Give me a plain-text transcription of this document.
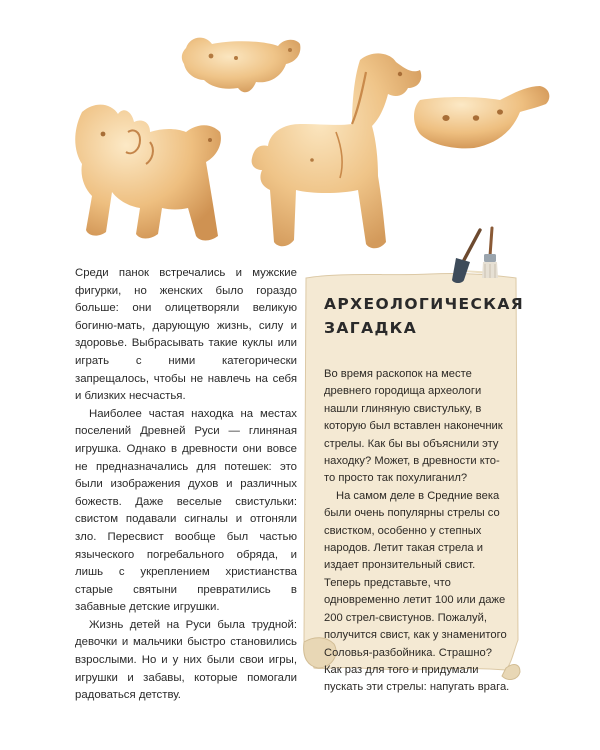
Среди панок встречались и мужские фигурки, но женских было гораздо больше: они олицетворяли великую богиню-мать, дарующую жизнь, силу и здоровье. Выбрасывать такие куклы или играть с ними категорически запрещалось, чтобы не навлечь на себя и близких несчастья.

Наиболее частая находка на местах поселений Древней Руси — глиняная игрушка. Однако в древности они вовсе не предназначались для потешек: это были изображения духов и различных божеств. Даже веселые свистульки: свистом подавали сигналы и отгоняли зло. Пересвист вообще был частью языческого погребального обряда, и лишь с укреплением христианства старые святыни превратились в забавные детские игрушки.

Жизнь детей на Руси была трудной: девочки и мальчики быстро становились взрослыми. Но и у них были свои игры, игрушки и забавы, которые помогали радоваться детству.

АРХЕОЛОГИЧЕСКАЯ ЗАГАДКА

Во время раскопок на месте древнего городища археологи нашли глиняную свистульку, в которую был вставлен наконечник стрелы. Как бы вы объяснили эту находку? Может, в древности кто-то просто так похулиганил?

На самом деле в Средние века были очень популярны стрелы со свистком, особенно у степных народов. Летит такая стрела и издает пронзительный свист. Теперь представьте, что одновременно летит 100 или даже 200 стрел-свистунов. Пожалуй, получится свист, как у знаменитого Соловья-разбойника. Страшно? Как раз для того и придумали пускать эти стрелы: напугать врага.
